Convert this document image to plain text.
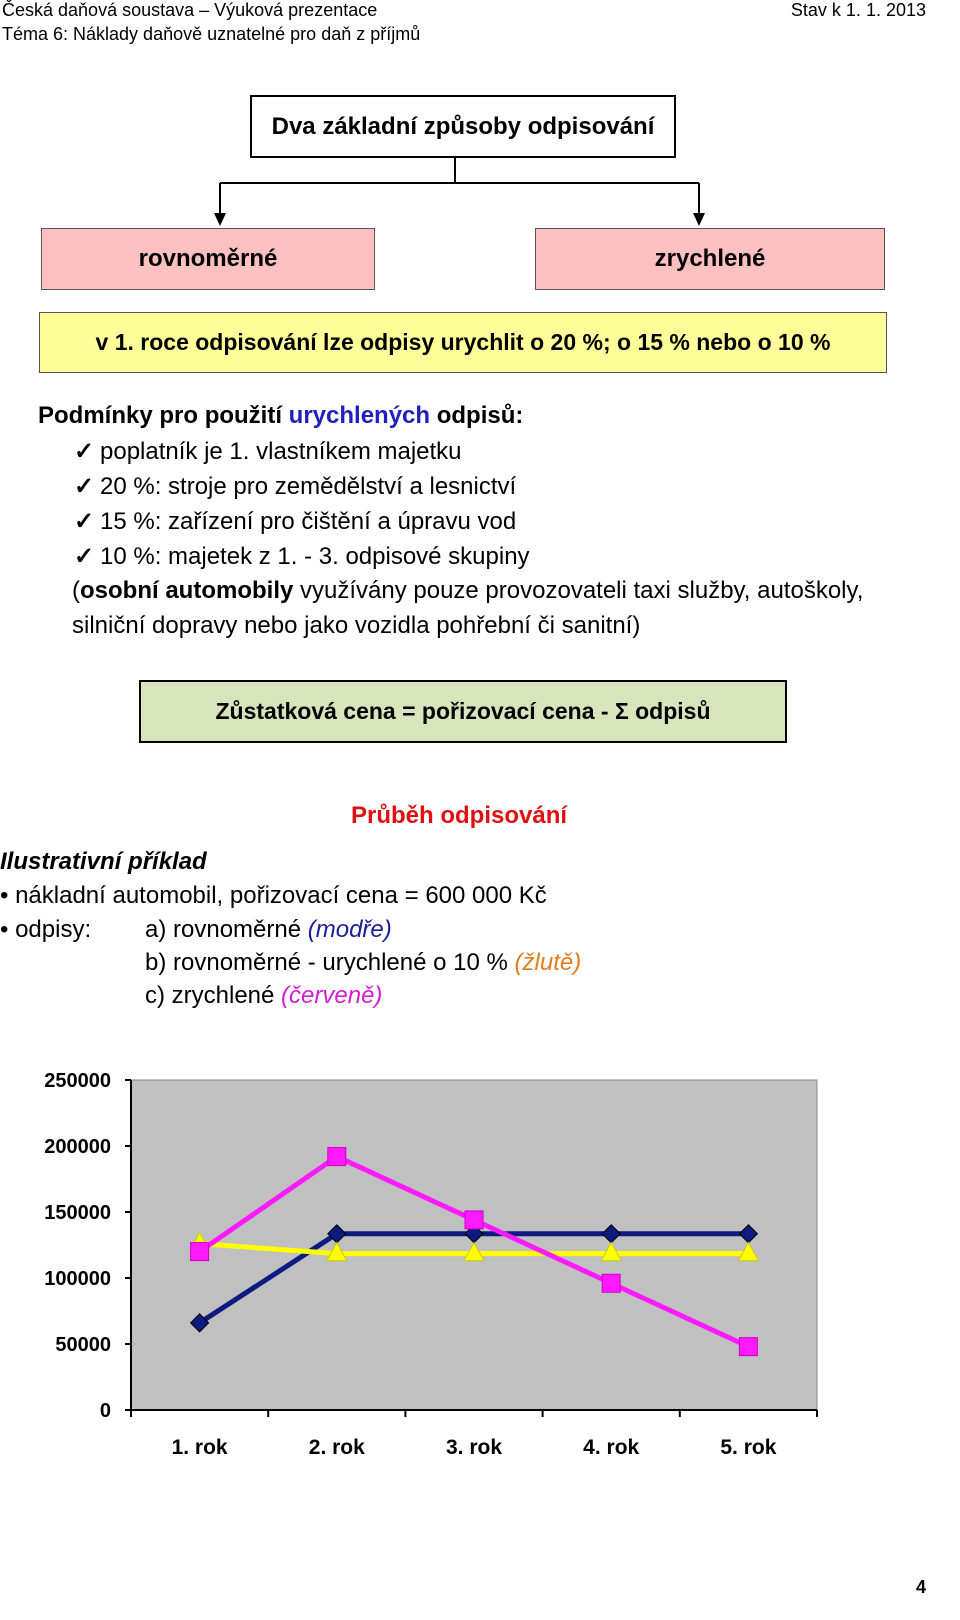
Česká daňová soustava – Výuková prezentace
Téma 6: Náklady daňově uznatelné pro daň z příjmů
Stav k 1. 1. 2013
Dva základní způsoby odpisování
rovnoměrné	zrychlené
v 1. roce odpisování lze odpisy urychlit o 20 %; o 15 % nebo o 10 %
Podmínky pro použití urychlených odpisů:
✓ poplatník je 1. vlastníkem majetku
✓ 20 %: stroje pro zemědělství a lesnictví
✓ 15 %: zařízení pro čištění a úpravu vod
✓ 10 %: majetek z 1. - 3. odpisové skupiny
(osobní automobily využívány pouze provozovateli taxi služby, autoškoly,
silniční dopravy nebo jako vozidla pohřební či sanitní)
Zůstatková cena = pořizovací cena - Σ odpisů
Průběh odpisování
Ilustrativní příklad
• nákladní automobil, pořizovací cena = 600 000 Kč
• odpisy: a) rovnoměrné (modře)
b) rovnoměrné - urychlené o 10 % (žlutě)
c) zrychlené (červeně)
0
50000
100000
150000
200000
250000
1. rok	2. rok	3. rok	4. rok	5. rok
4
